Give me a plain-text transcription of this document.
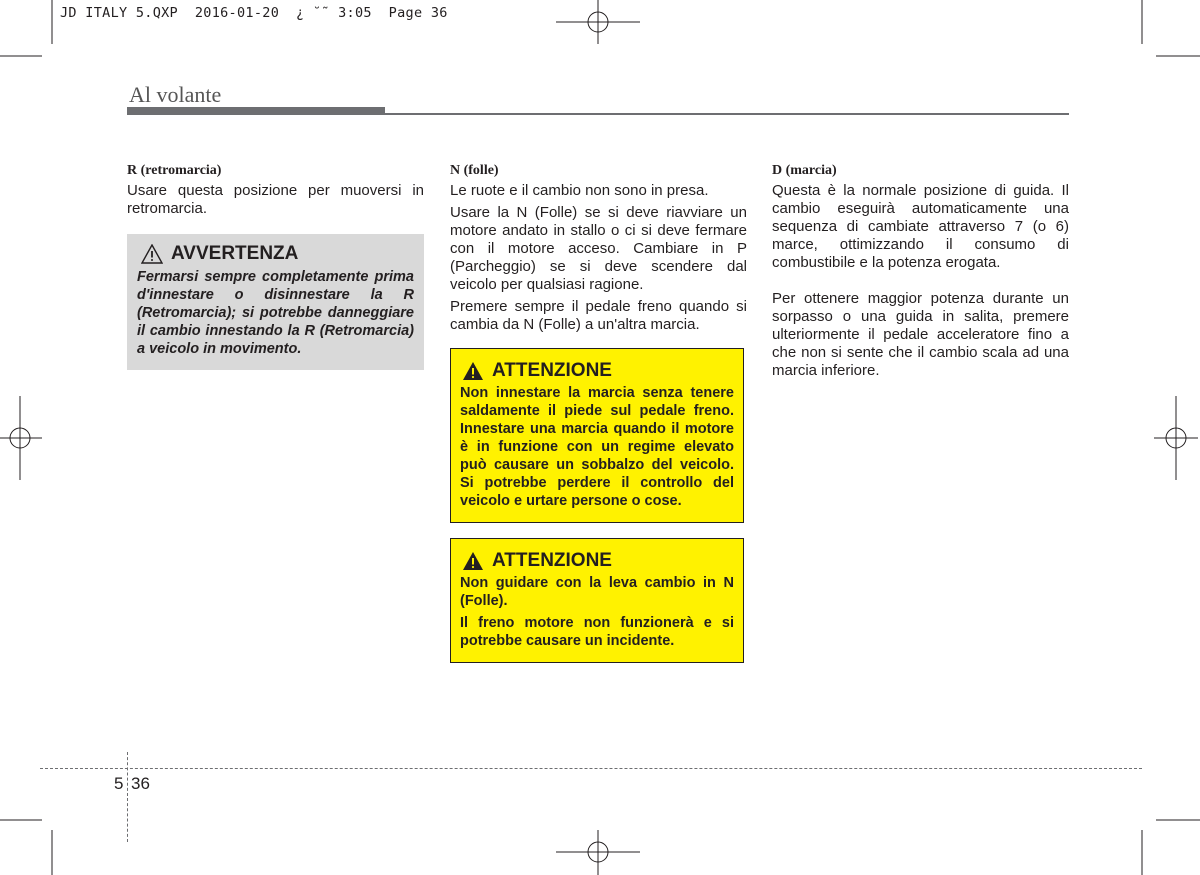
JD ITALY 5.QXP  2016-01-20  ¿ ˘˜ 3:05  Page 36
Al volante
R (retromarcia)

Usare questa posizione per muoversi in retromarcia.

AVVERTENZA
Fermarsi sempre completamente prima d'innestare o disinnestare la R (Retromarcia); si potrebbe danneggiare il cambio innestando la R (Retromarcia) a veicolo in movimento.
N (folle)

Le ruote e il cambio non sono in presa.

Usare la N (Folle) se si deve riavviare un motore andato in stallo o ci si deve fermare con il motore acceso. Cambiare in P (Parcheggio) se si deve scendere dal veicolo per qualsiasi ragione.

Premere sempre il pedale freno quando si cambia da N (Folle) a un'altra marcia.

ATTENZIONE
Non innestare la marcia senza tenere saldamente il piede sul pedale freno. Innestare una marcia quando il motore è in funzione con un regime elevato può causare un sobbalzo del veicolo. Si potrebbe perdere il controllo del veicolo e urtare persone o cose.
ATTENZIONE

Non guidare con la leva cambio in N (Folle).

Il freno motore non funzionerà e si potrebbe causare un incidente.

D (marcia)

Questa è la normale posizione di guida. Il cambio eseguirà automaticamente una sequenza di cambiate attraverso 7 (o 6) marce, ottimizzando il consumo di combustibile e la potenza erogata.

Per ottenere maggior potenza durante un sorpasso o una guida in salita, premere ulteriormente il pedale acceleratore fino a che non si sente che il cambio scala ad una marcia inferiore.

5 36
